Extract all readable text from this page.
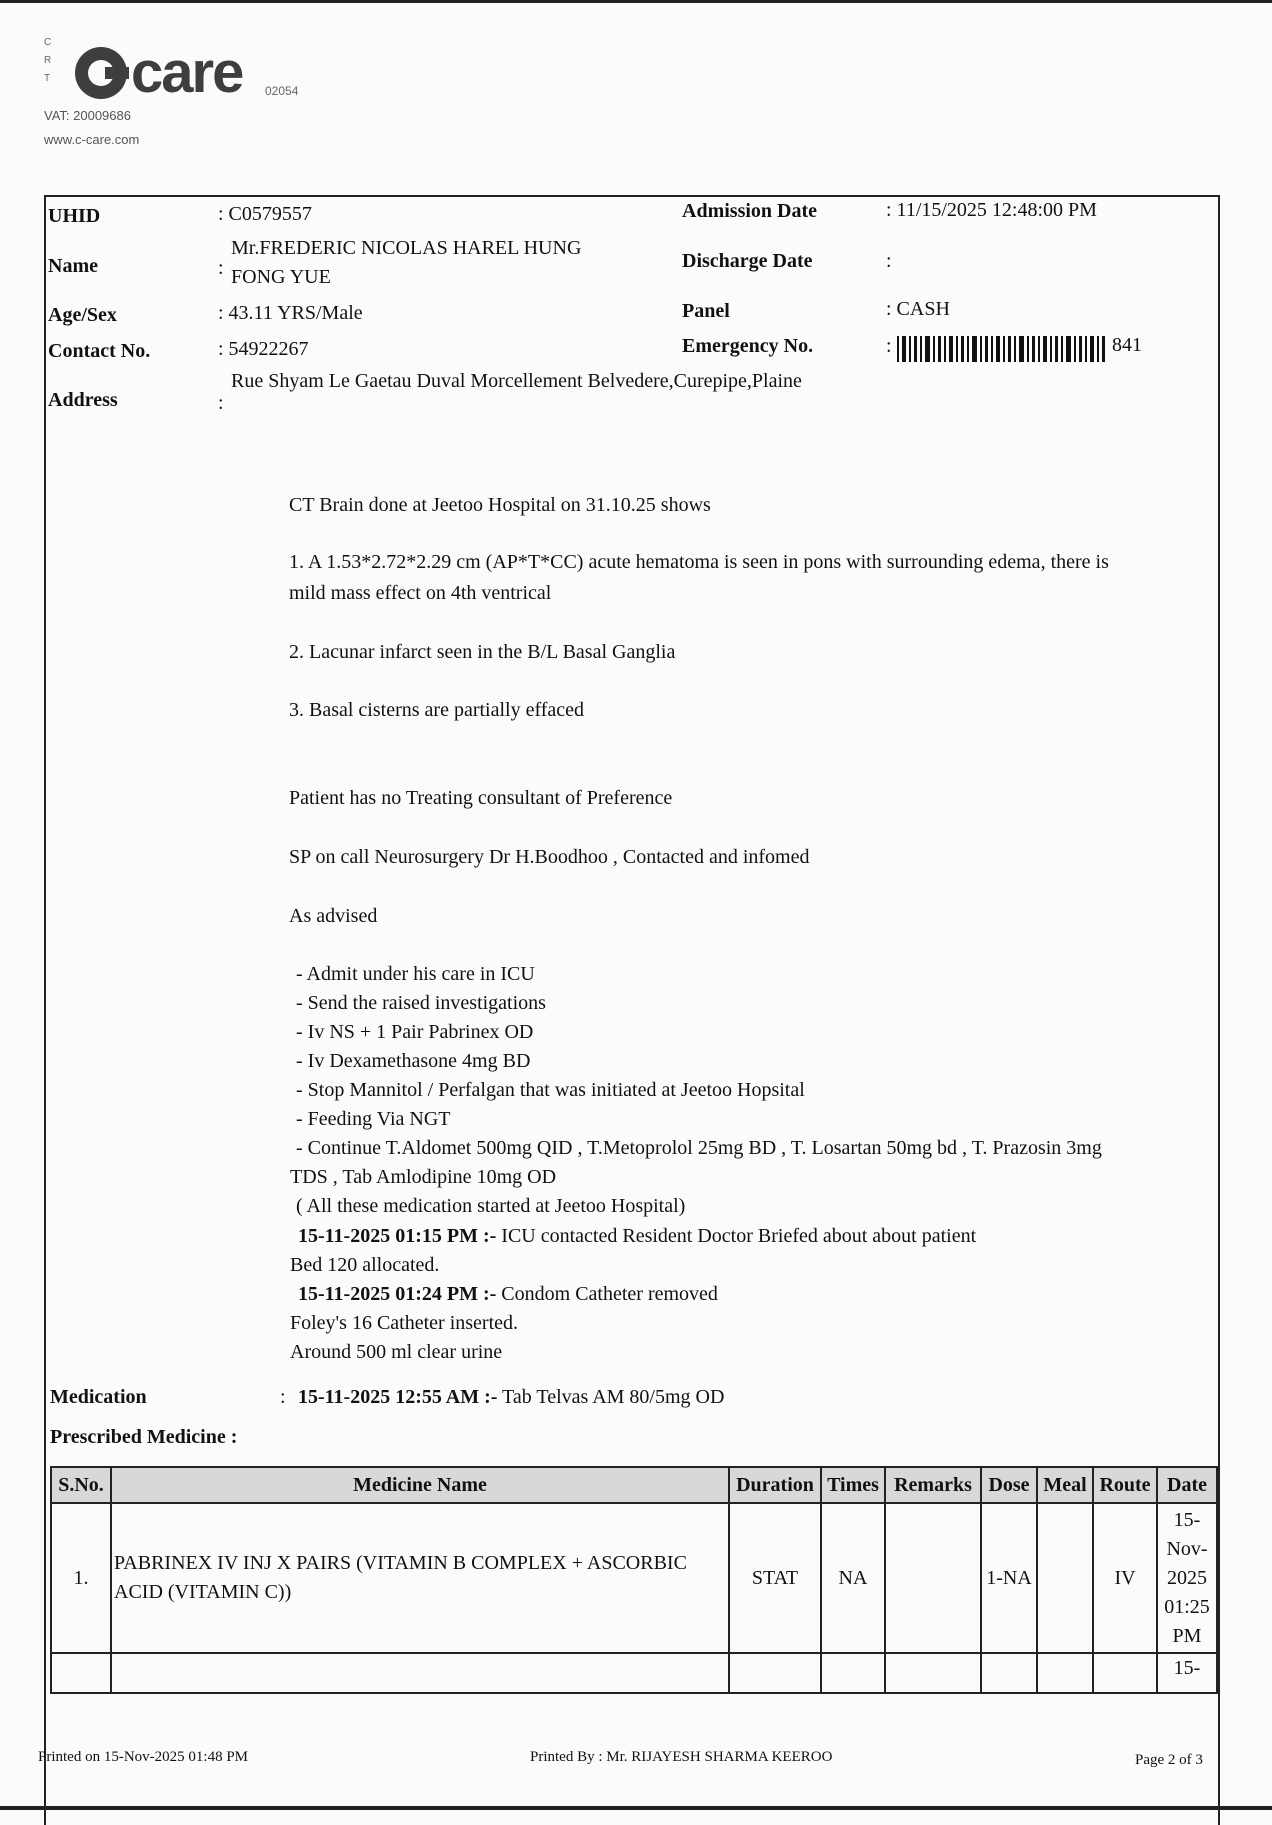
C
R
T care 02054
VAT: 20009686
www.c-care.com
UHID	: C0579557
Name	:
Mr.FREDERIC NICOLAS HAREL HUNG
FONG YUE
Age/Sex	: 43.11 YRS/Male
Contact No.	: 54922267
Address	:
Rue Shyam Le Gaetau Duval Morcellement Belvedere,Curepipe,Plaine
Admission Date	: 11/15/2025 12:48:00 PM
Discharge Date	:
Panel	: CASH
Emergency No.	:	841
CT Brain done at Jeetoo Hospital on 31.10.25 shows
1. A 1.53*2.72*2.29 cm (AP*T*CC) acute hematoma is seen in pons with surrounding edema, there is
mild mass effect on 4th ventrical
2. Lacunar infarct seen in the B/L Basal Ganglia
3. Basal cisterns are partially effaced
Patient has no Treating consultant of Preference
SP on call Neurosurgery Dr H.Boodhoo , Contacted and infomed
As advised
- Admit under his care in ICU
- Send the raised investigations
- Iv NS + 1 Pair Pabrinex OD
- Iv Dexamethasone 4mg BD
- Stop Mannitol / Perfalgan that was initiated at Jeetoo Hopsital
- Feeding Via NGT
- Continue T.Aldomet 500mg QID , T.Metoprolol 25mg BD , T. Losartan 50mg bd , T. Prazosin 3mg
TDS , Tab Amlodipine 10mg OD
( All these medication started at Jeetoo Hospital)
15-11-2025 01:15 PM :- ICU contacted Resident Doctor Briefed about about patient
Bed 120 allocated.
15-11-2025 01:24 PM :- Condom Catheter removed
Foley's 16 Catheter inserted.
Around 500 ml clear urine
Medication	: 15-11-2025 12:55 AM :- Tab Telvas AM 80/5mg OD
Prescribed Medicine :
S.No.	Medicine Name	Duration	Times	Remarks	Dose	Meal	Route	Date
1.	PABRINEX IV INJ X PAIRS (VITAMIN B COMPLEX + ASCORBIC ACID (VITAMIN C))	STAT	NA		1-NA		IV	15-Nov-2025 01:25 PM
								15-
Printed on 15-Nov-2025 01:48 PM	Printed By : Mr. RIJAYESH SHARMA KEEROO	Page 2 of 3
